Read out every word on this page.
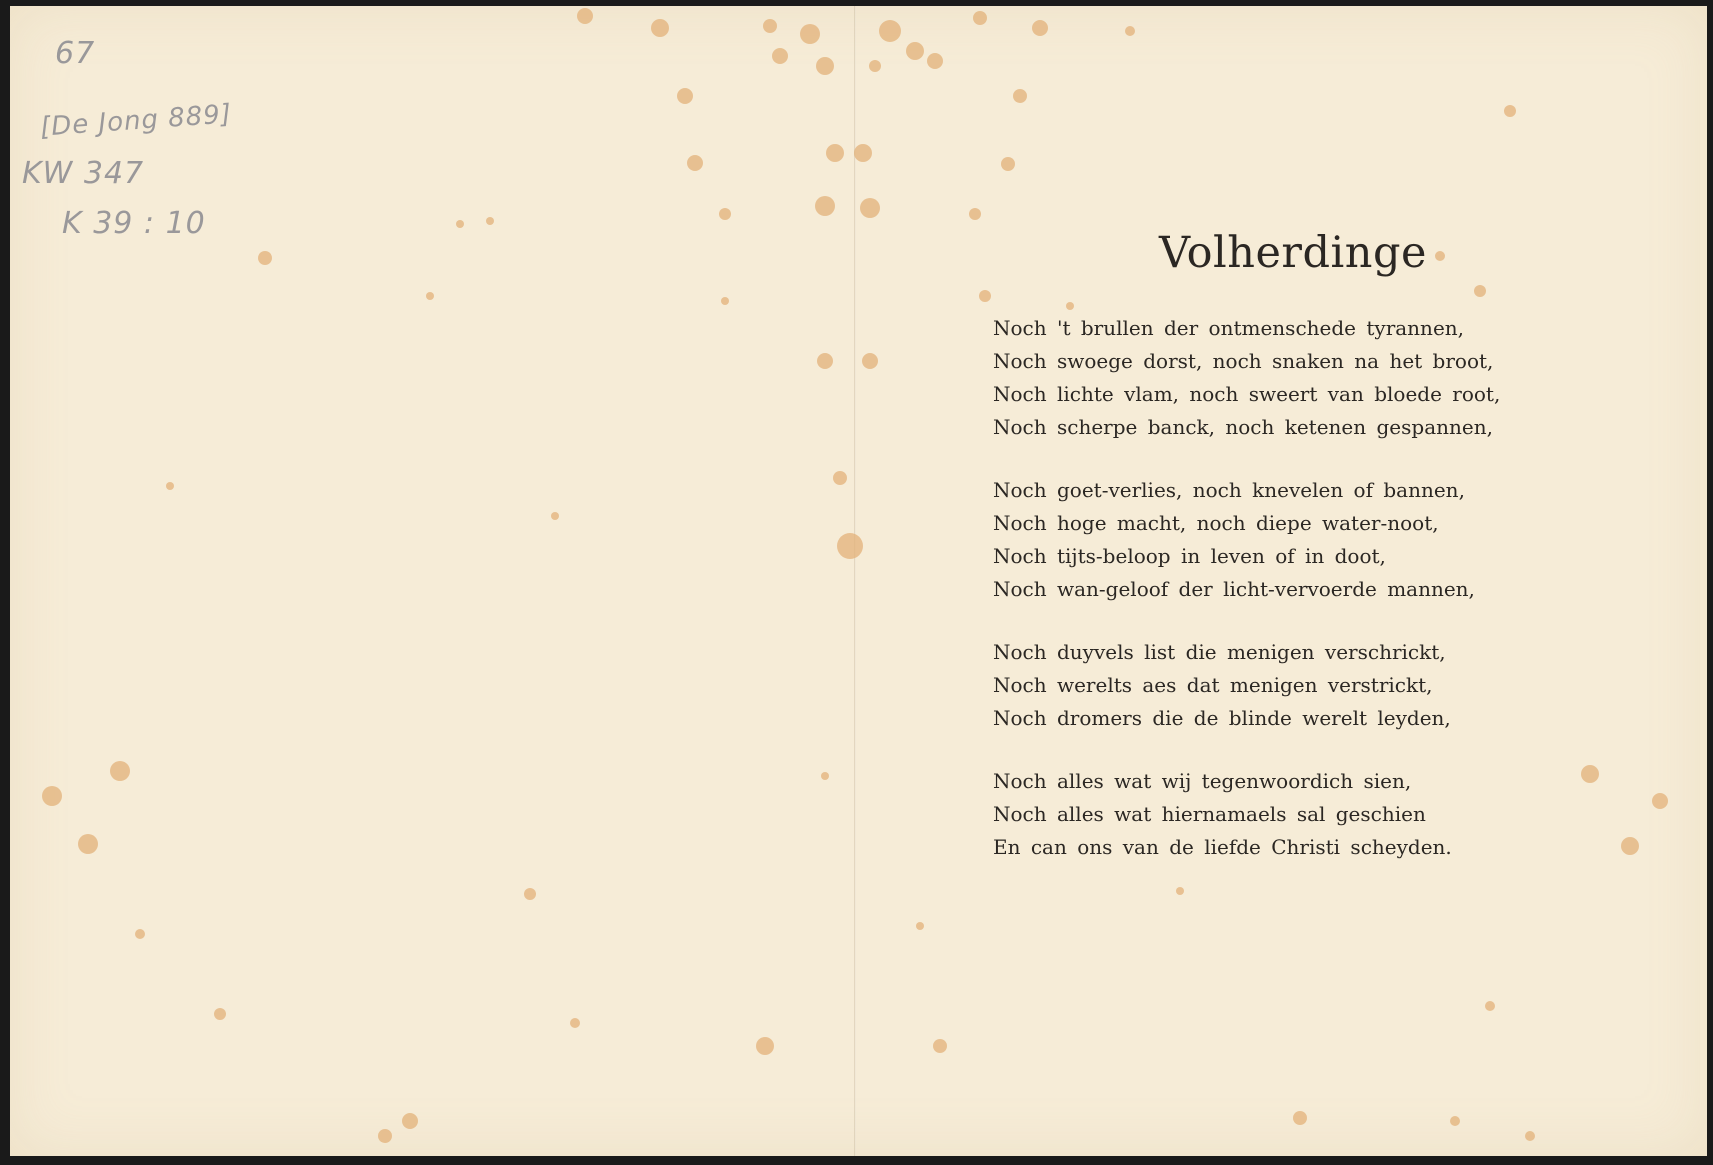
67
[De Jong 889]
KW 347
K 39 : 10
Volherdinge
Noch 't brullen der ontmenschede tyrannen,
Noch swoege dorst, noch snaken na het broot,
Noch lichte vlam, noch sweert van bloede root,
Noch scherpe banck, noch ketenen gespannen,
Noch goet-verlies, noch knevelen of bannen,
Noch hoge macht, noch diepe water-noot,
Noch tijts-beloop in leven of in doot,
Noch wan-geloof der licht-vervoerde mannen,
Noch duyvels list die menigen verschrickt,
Noch werelts aes dat menigen verstrickt,
Noch dromers die de blinde werelt leyden,
Noch alles wat wij tegenwoordich sien,
Noch alles wat hiernamaels sal geschien
En can ons van de liefde Christi scheyden.
